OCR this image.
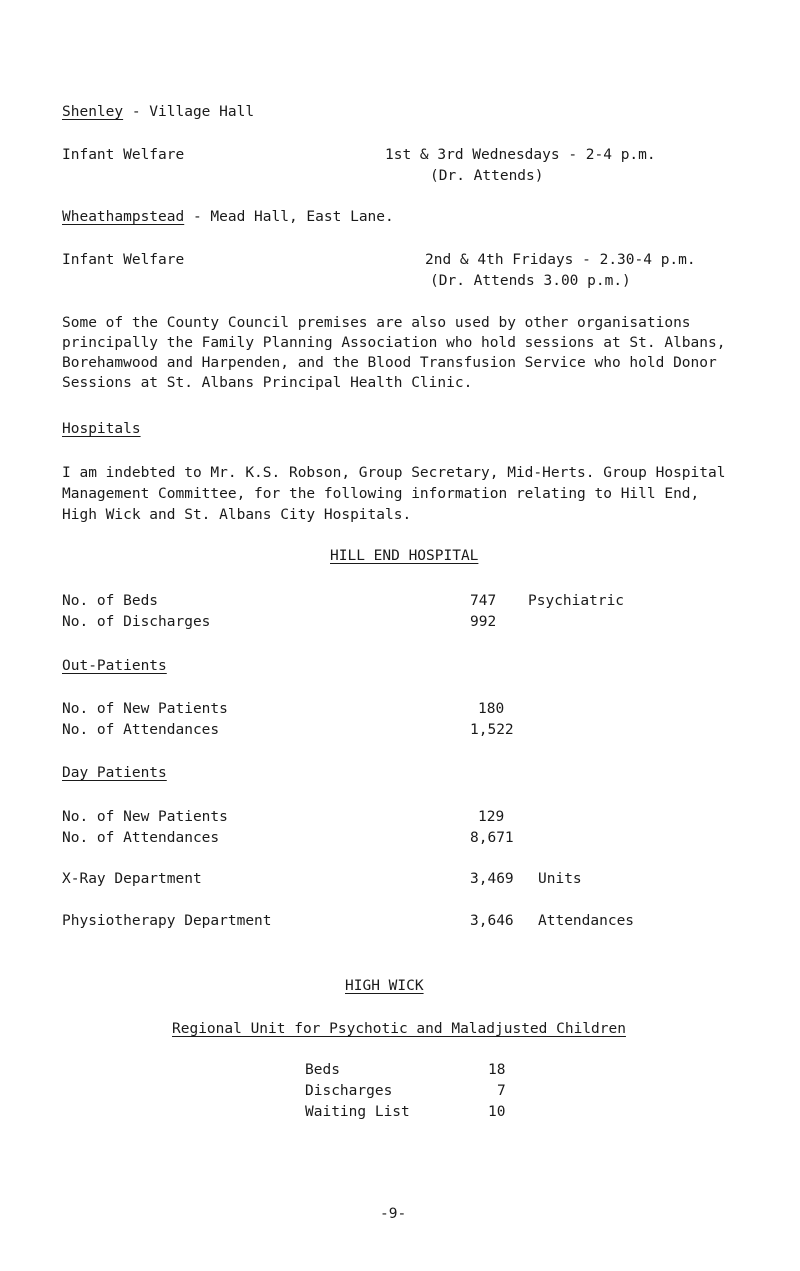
Shenley - Village Hall
Infant Welfare	1st & 3rd Wednesdays - 2-4 p.m.
(Dr. Attends)
Wheathampstead - Mead Hall, East Lane.
Infant Welfare	2nd & 4th Fridays - 2.30-4 p.m.
(Dr. Attends 3.00 p.m.)
Some of the County Council premises are also used by other organisations
principally the Family Planning Association who hold sessions at St. Albans,
Borehamwood and Harpenden, and the Blood Transfusion Service who hold Donor
Sessions at St. Albans Principal Health Clinic.
Hospitals
I am indebted to Mr. K.S. Robson, Group Secretary, Mid-Herts. Group Hospital
Management Committee, for the following information relating to Hill End,
High Wick and St. Albans City Hospitals.
HILL END HOSPITAL
No. of Beds	747 Psychiatric
No. of Discharges	992
Out-Patients
No. of New Patients	180
No. of Attendances	1,522
Day Patients
No. of New Patients	129
No. of Attendances	8,671
X-Ray Department	3,469 Units
Physiotherapy Department	3,646 Attendances
HIGH WICK
Regional Unit for Psychotic and Maladjusted Children
Beds	18
Discharges	7
Waiting List	10
-9-
